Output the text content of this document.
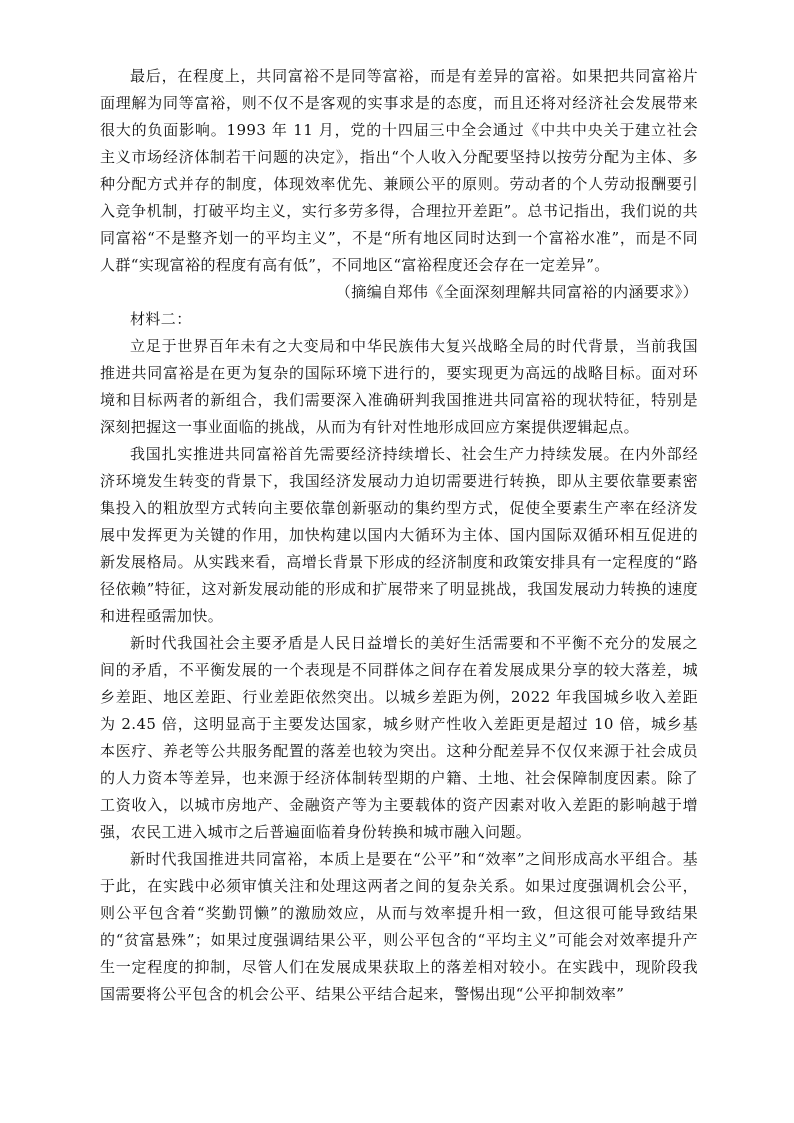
最后，在程度上，共同富裕不是同等富裕，而是有差异的富裕。如果把共同富裕片面理解为同等富裕，则不仅不是客观的实事求是的态度，而且还将对经济社会发展带来很大的负面影响。1993 年 11 月，党的十四届三中全会通过《中共中央关于建立社会主义市场经济体制若干问题的决定》，指出“个人收入分配要坚持以按劳分配为主体、多种分配方式并存的制度，体现效率优先、兼顾公平的原则。劳动者的个人劳动报酬要引入竞争机制，打破平均主义，实行多劳多得，合理拉开差距”。总书记指出，我们说的共同富裕“不是整齐划一的平均主义”，不是“所有地区同时达到一个富裕水准”，而是不同人群“实现富裕的程度有高有低”，不同地区“富裕程度还会存在一定差异”。

（摘编自郑伟《全面深刻理解共同富裕的内涵要求》）

材料二：

立足于世界百年未有之大变局和中华民族伟大复兴战略全局的时代背景，当前我国推进共同富裕是在更为复杂的国际环境下进行的，要实现更为高远的战略目标。面对环境和目标两者的新组合，我们需要深入准确研判我国推进共同富裕的现状特征，特别是深刻把握这一事业面临的挑战，从而为有针对性地形成回应方案提供逻辑起点。

我国扎实推进共同富裕首先需要经济持续增长、社会生产力持续发展。在内外部经济环境发生转变的背景下，我国经济发展动力迫切需要进行转换，即从主要依靠要素密集投入的粗放型方式转向主要依靠创新驱动的集约型方式，促使全要素生产率在经济发展中发挥更为关键的作用，加快构建以国内大循环为主体、国内国际双循环相互促进的新发展格局。从实践来看，高增长背景下形成的经济制度和政策安排具有一定程度的“路径依赖”特征，这对新发展动能的形成和扩展带来了明显挑战，我国发展动力转换的速度和进程亟需加快。

新时代我国社会主要矛盾是人民日益增长的美好生活需要和不平衡不充分的发展之间的矛盾，不平衡发展的一个表现是不同群体之间存在着发展成果分享的较大落差，城乡差距、地区差距、行业差距依然突出。以城乡差距为例，2022 年我国城乡收入差距为 2.45 倍，这明显高于主要发达国家，城乡财产性收入差距更是超过 10 倍，城乡基本医疗、养老等公共服务配置的落差也较为突出。这种分配差异不仅仅来源于社会成员的人力资本等差异，也来源于经济体制转型期的户籍、土地、社会保障制度因素。除了工资收入，以城市房地产、金融资产等为主要载体的资产因素对收入差距的影响越于增强，农民工进入城市之后普遍面临着身份转换和城市融入问题。

新时代我国推进共同富裕，本质上是要在“公平”和“效率”之间形成高水平组合。基于此，在实践中必须审慎关注和处理这两者之间的复杂关系。如果过度强调机会公平，则公平包含着“奖勤罚懒”的激励效应，从而与效率提升相一致，但这很可能导致结果的“贫富悬殊”；如果过度强调结果公平，则公平包含的“平均主义”可能会对效率提升产生一定程度的抑制，尽管人们在发展成果获取上的落差相对较小。在实践中，现阶段我国需要将公平包含的机会公平、结果公平结合起来，警惕出现“公平抑制效率”
